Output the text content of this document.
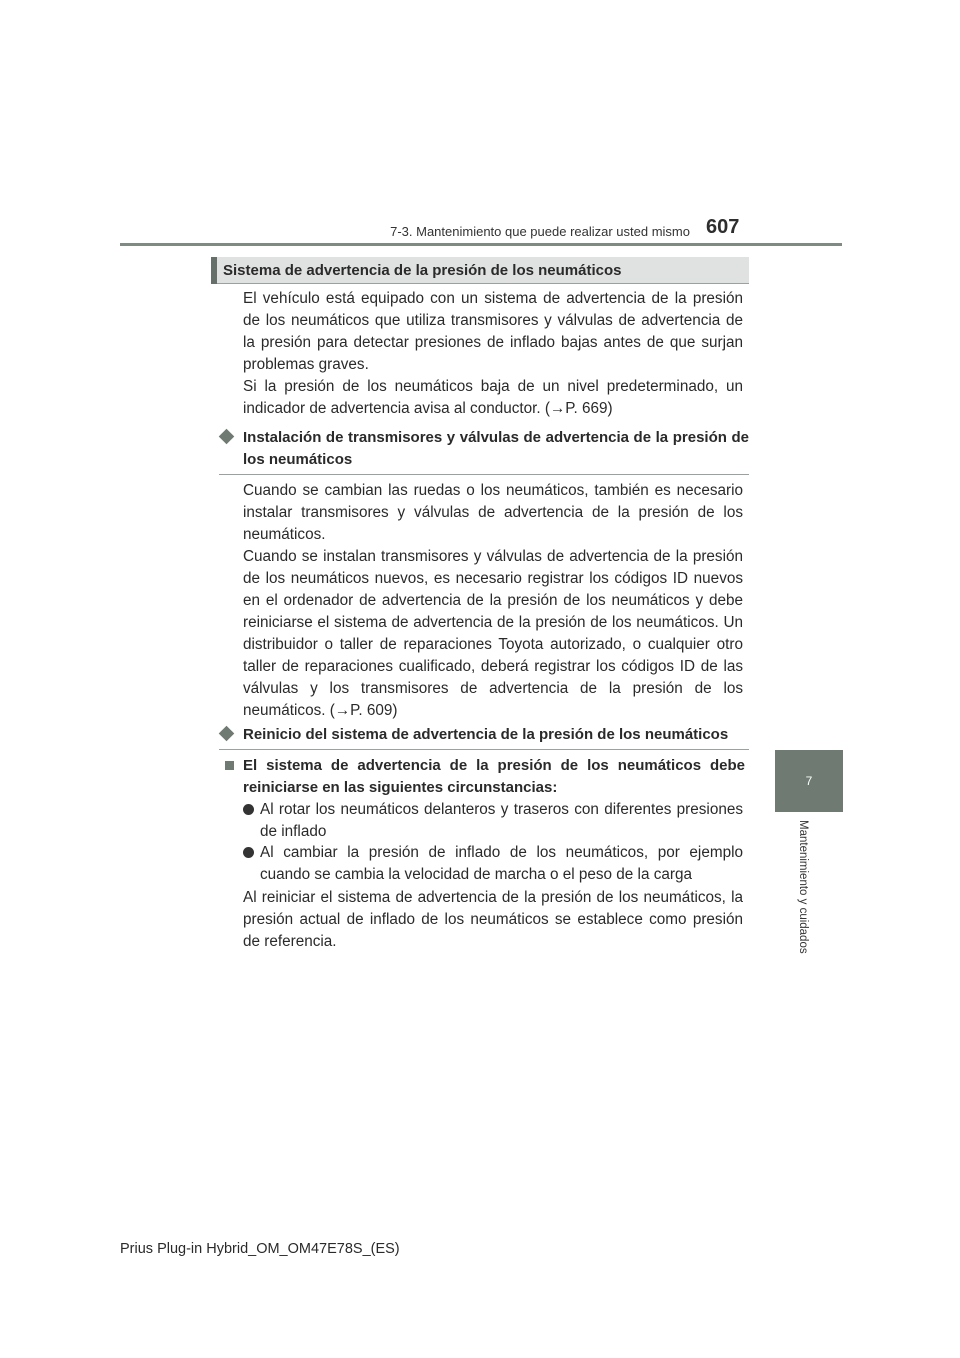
7-3. Mantenimiento que puede realizar usted mismo 607
7
Mantenimiento y cuidados
Sistema de advertencia de la presión de los neumáticos

El vehículo está equipado con un sistema de advertencia de la presión de los neumáticos que utiliza transmisores y válvulas de advertencia de la presión para detectar presiones de inflado bajas antes de que surjan problemas graves.

Si la presión de los neumáticos baja de un nivel predeterminado, un indicador de advertencia avisa al conductor. (→P. 669)

Instalación de transmisores y válvulas de advertencia de la presión de los neumáticos

Cuando se cambian las ruedas o los neumáticos, también es necesario instalar transmisores y válvulas de advertencia de la presión de los neumáticos.

Cuando se instalan transmisores y válvulas de advertencia de la presión de los neumáticos nuevos, es necesario registrar los códigos ID nuevos en el ordenador de advertencia de la presión de los neumáticos y debe reiniciarse el sistema de advertencia de la presión de los neumáticos. Un distribuidor o taller de reparaciones Toyota autorizado, o cualquier otro taller de reparaciones cualificado, deberá registrar los códigos ID de las válvulas y los transmisores de advertencia de la presión de los neumáticos. (→P. 609)

Reinicio del sistema de advertencia de la presión de los neumáticos

El sistema de advertencia de la presión de los neumáticos debe reiniciarse en las siguientes circunstancias:

Al rotar los neumáticos delanteros y traseros con diferentes presiones de inflado

Al cambiar la presión de inflado de los neumáticos, por ejemplo cuando se cambia la velocidad de marcha o el peso de la carga

Al reiniciar el sistema de advertencia de la presión de los neumáticos, la presión actual de inflado de los neumáticos se establece como presión de referencia.

Prius Plug-in Hybrid_OM_OM47E78S_(ES)
